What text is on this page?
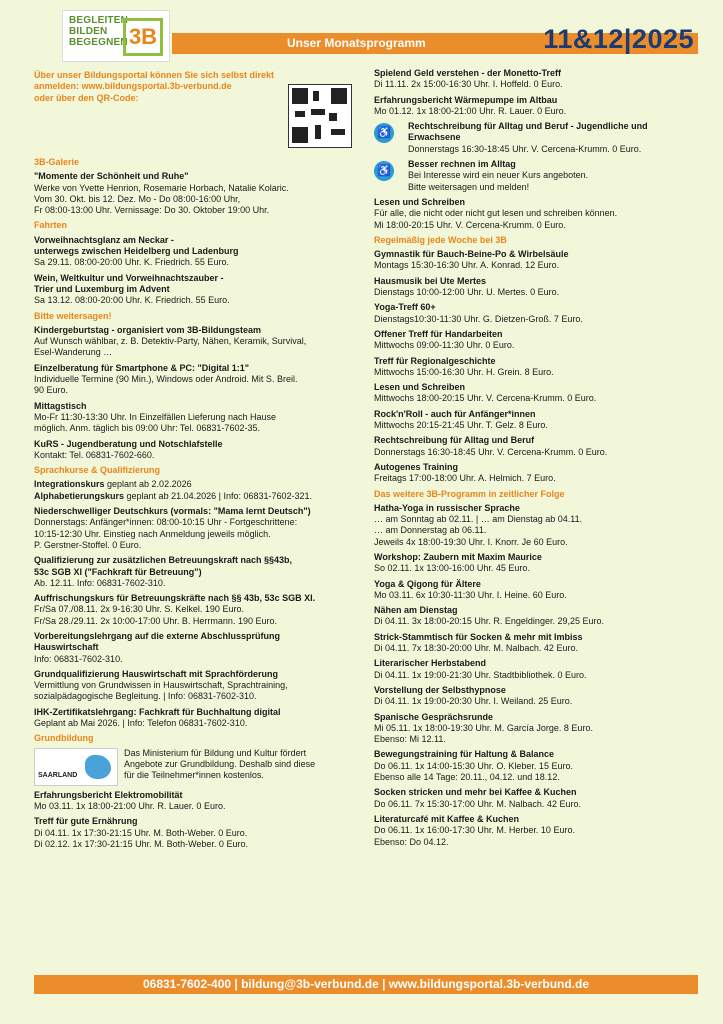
BEGLEITEN
BILDEN
BEGEGNEN 3B	Unser Monatsprogramm	11&12|2025
Über unser Bildungsportal können Sie sich selbst direkt
anmelden: www.bildungsportal.3b-verbund.de
oder über den QR-Code:
3B-Galerie
"Momente der Schönheit und Ruhe"
Werke von Yvette Henrion, Rosemarie Horbach, Natalie Kolaric.
Vom 30. Okt. bis 12. Dez. Mo - Do 08:00-16:00 Uhr,
Fr 08:00-13:00 Uhr. Vernissage: Do 30. Oktober 19:00 Uhr.
Fahrten
Vorweihnachtsglanz am Neckar -
unterwegs zwischen Heidelberg und Ladenburg
Sa 29.11. 08:00-20:00 Uhr. K. Friedrich. 55 Euro.
Wein, Weltkultur und Vorweihnachtszauber -
Trier und Luxemburg im Advent
Sa 13.12. 08:00-20:00 Uhr. K. Friedrich. 55 Euro.
Bitte weitersagen!
Kindergeburtstag - organisiert vom 3B-Bildungsteam
Auf Wunsch wählbar, z. B. Detektiv-Party, Nähen, Keramik, Survival,
Esel-Wanderung …
Einzelberatung für Smartphone & PC: "Digital 1:1"
Individuelle Termine (90 Min.), Windows oder Android. Mit S. Breil.
90 Euro.
Mittagstisch
Mo-Fr 11:30-13:30 Uhr. In Einzelfällen Lieferung nach Hause
möglich. Anm. täglich bis 09:00 Uhr: Tel. 06831-7602-35.
KuRS - Jugendberatung und Notschlafstelle
Kontakt: Tel. 06831-7602-660.
Sprachkurse & Qualifizierung
Integrationskurs geplant ab 2.02.2026
Alphabetierungskurs geplant ab 21.04.2026 | Info: 06831-7602-321.
Niederschwelliger Deutschkurs (vormals: "Mama lernt Deutsch")
Donnerstags: Anfänger*innen: 08:00-10:15 Uhr - Fortgeschrittene:
10:15-12:30 Uhr. Einstieg nach Anmeldung jeweils möglich.
P. Gerstner-Stoffel. 0 Euro.
Qualifizierung zur zusätzlichen Betreuungskraft nach §§43b,
53c SGB XI ("Fachkraft für Betreuung")
Ab. 12.11. Info: 06831-7602-310.
Auffrischungskurs für Betreuungskräfte nach §§ 43b, 53c SGB XI.
Fr/Sa 07./08.11. 2x 9-16:30 Uhr. S. Kelkel. 190 Euro.
Fr/Sa 28./29.11. 2x 10:00-17:00 Uhr. B. Herrmann. 190 Euro.
Vorbereitungslehrgang auf die externe Abschlussprüfung
Hauswirtschaft
Info: 06831-7602-310.
Grundqualifizierung Hauswirtschaft mit Sprachförderung
Vermittlung von Grundwissen in Hauswirtschaft, Sprachtraining,
sozialpädagogische Begleitung. | Info: 06831-7602-310.
IHK-Zertifikatslehrgang: Fachkraft für Buchhaltung digital
Geplant ab Mai 2026. | Info: Telefon 06831-7602-310.
Grundbildung
SAARLAND
Das Ministerium für Bildung und Kultur fördert
Angebote zur Grundbildung. Deshalb sind diese
für die Teilnehmer*innen kostenlos.
Erfahrungsbericht Elektromobilität
Mo 03.11. 1x 18:00-21:00 Uhr. R. Lauer. 0 Euro.
Treff für gute Ernährung
Di 04.11. 1x 17:30-21:15 Uhr. M. Both-Weber. 0 Euro.
Di 02.12. 1x 17:30-21:15 Uhr. M. Both-Weber. 0 Euro.
Spielend Geld verstehen - der Monetto-Treff
Di 11.11. 2x 15:00-16:30 Uhr. I. Hoffeld. 0 Euro.
Erfahrungsbericht Wärmepumpe im Altbau
Mo 01.12. 1x 18:00-21:00 Uhr. R. Lauer. 0 Euro.
♿
Rechtschreibung für Alltag und Beruf - Jugendliche und
Erwachsene
Donnerstags 16:30-18:45 Uhr. V. Cercena-Krumm. 0 Euro.
♿
Besser rechnen im Alltag
Bei Interesse wird ein neuer Kurs angeboten.
Bitte weitersagen und melden!
Lesen und Schreiben
Für alle, die nicht oder nicht gut lesen und schreiben können.
Mi 18:00-20:15 Uhr. V. Cercena-Krumm. 0 Euro.
Regelmäßig jede Woche bei 3B
Gymnastik für Bauch-Beine-Po & Wirbelsäule
Montags 15:30-16:30 Uhr. A. Konrad. 12 Euro.
Hausmusik bei Ute Mertes
Dienstags 10:00-12:00 Uhr. U. Mertes. 0 Euro.
Yoga-Treff 60+
Dienstags10:30-11:30 Uhr. G. Dietzen-Groß. 7 Euro.
Offener Treff für Handarbeiten
Mittwochs 09:00-11:30 Uhr. 0 Euro.
Treff für Regionalgeschichte
Mittwochs 15:00-16:30 Uhr. H. Grein. 8 Euro.
Lesen und Schreiben
Mittwochs 18:00-20:15 Uhr. V. Cercena-Krumm. 0 Euro.
Rock'n'Roll - auch für Anfänger*innen
Mittwochs 20:15-21:45 Uhr. T. Gelz. 8 Euro.
Rechtschreibung für Alltag und Beruf
Donnerstags 16:30-18:45 Uhr. V. Cercena-Krumm. 0 Euro.
Autogenes Training
Freitags 17:00-18:00 Uhr. A. Helmich. 7 Euro.
Das weitere 3B-Programm in zeitlicher Folge
Hatha-Yoga in russischer Sprache
… am Sonntag ab 02.11. | … am Dienstag ab 04.11.
… am Donnerstag ab 06.11.
Jeweils 4x 18:00-19:30 Uhr. I. Knorr. Je 60 Euro.
Workshop: Zaubern mit Maxim Maurice
So 02.11. 1x 13:00-16:00 Uhr. 45 Euro.
Yoga & Qigong für Ältere
Mo 03.11. 6x 10:30-11:30 Uhr. I. Heine. 60 Euro.
Nähen am Dienstag
Di 04.11. 3x 18:00-20:15 Uhr. R. Engeldinger. 29,25 Euro.
Strick-Stammtisch für Socken & mehr mit Imbiss
Di 04.11. 7x 18:30-20:00 Uhr. M. Nalbach. 42 Euro.
Literarischer Herbstabend
Di 04.11. 1x 19:00-21:30 Uhr. Stadtbibliothek. 0 Euro.
Vorstellung der Selbsthypnose
Di 04.11. 1x 19:00-20:30 Uhr. I. Weiland. 25 Euro.
Spanische Gesprächsrunde
Mi 05.11. 1x 18:00-19:30 Uhr. M. García Jorge. 8 Euro.
Ebenso: Mi 12.11.
Bewegungstraining für Haltung & Balance
Do 06.11. 1x 14:00-15:30 Uhr. O. Kleber. 15 Euro.
Ebenso alle 14 Tage: 20.11., 04.12. und 18.12.
Socken stricken und mehr bei Kaffee & Kuchen
Do 06.11. 7x 15:30-17:00 Uhr. M. Nalbach. 42 Euro.
Literaturcafé mit Kaffee & Kuchen
Do 06.11. 1x 16:00-17:30 Uhr. M. Herber. 10 Euro.
Ebenso: Do 04.12.
06831-7602-400 | bildung@3b-verbund.de | www.bildungsportal.3b-verbund.de
